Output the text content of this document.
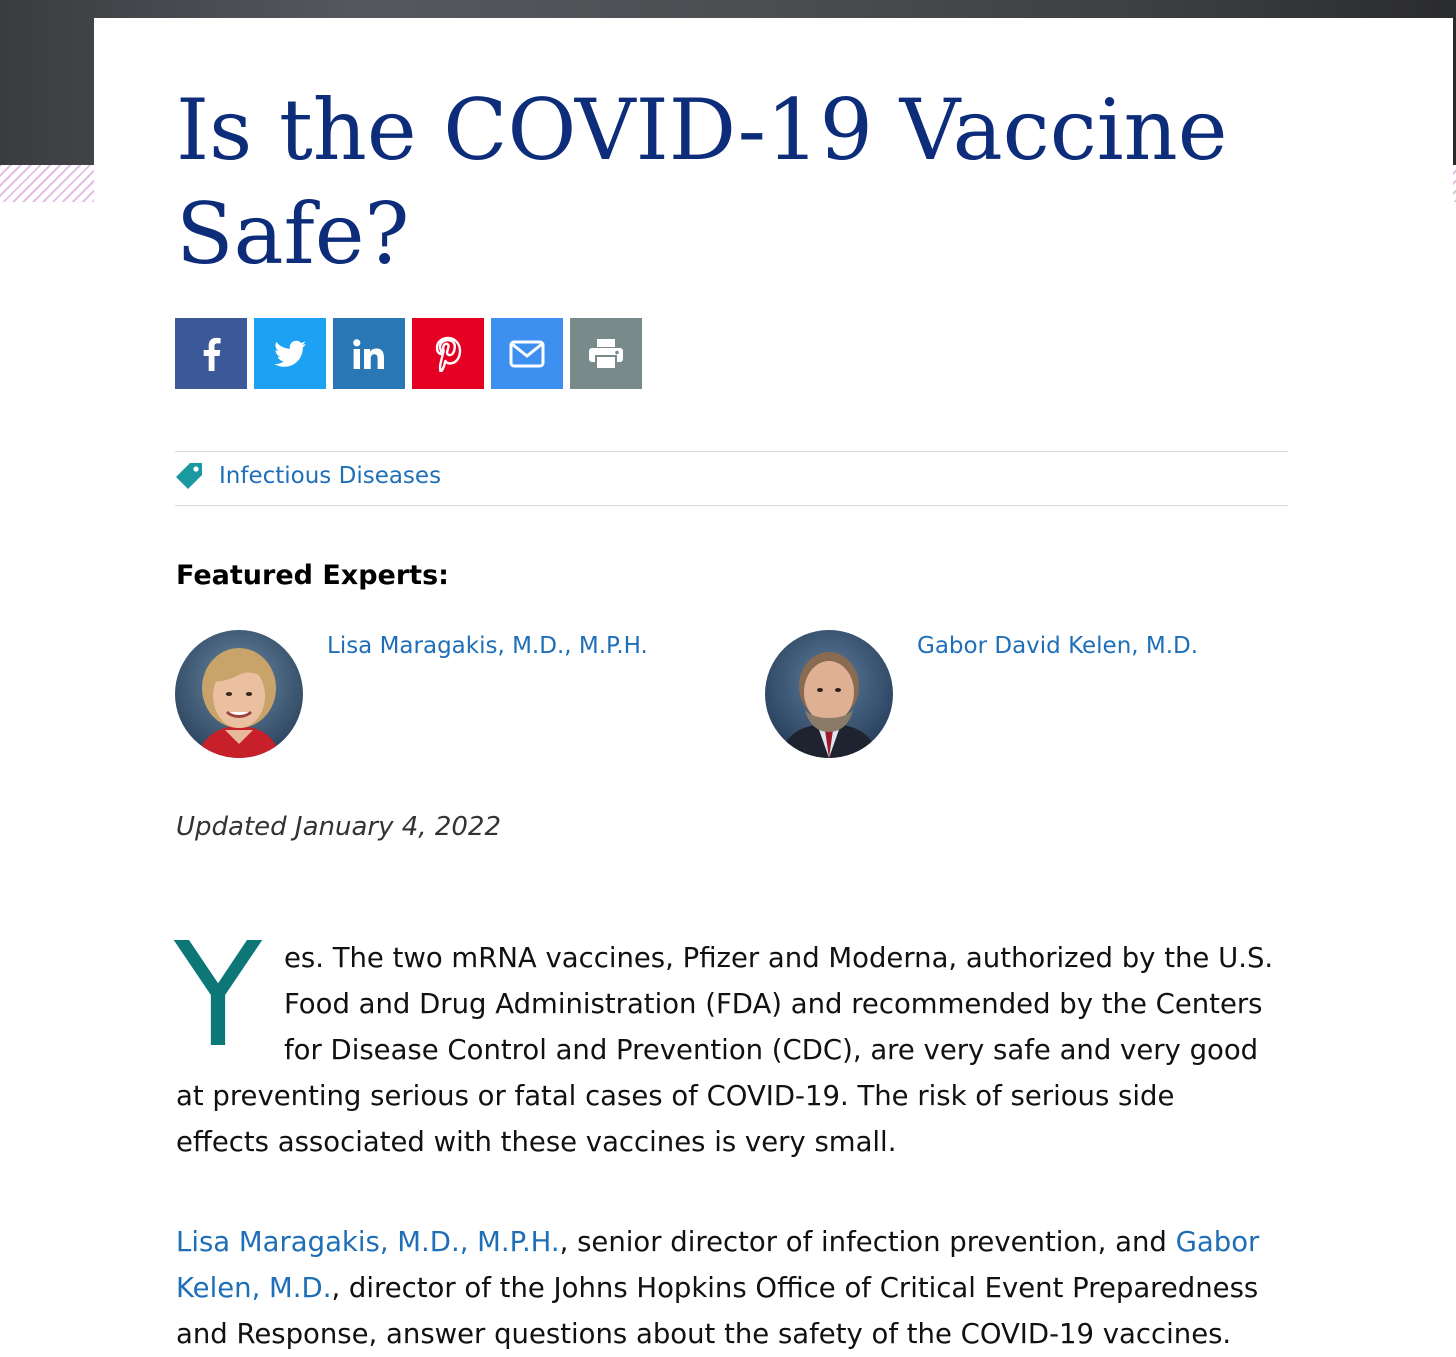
Is the COVID-19 Vaccine Safe?
Infectious Diseases
Featured Experts:
Lisa Maragakis, M.D., M.P.H.	Gabor David Kelen, M.D.

Updated January 4, 2022

Yes. The two mRNA vaccines, Pfizer and Moderna, authorized by the U.S. Food and Drug Administration (FDA) and recommended by the Centers for Disease Control and Prevention (CDC), are very safe and very good at preventing serious or fatal cases of COVID-19. The risk of serious side effects associated with these vaccines is very small.

Lisa Maragakis, M.D., M.P.H., senior director of infection prevention, and Gabor Kelen, M.D., director of the Johns Hopkins Office of Critical Event Preparedness and Response, answer questions about the safety of the COVID-19 vaccines.
